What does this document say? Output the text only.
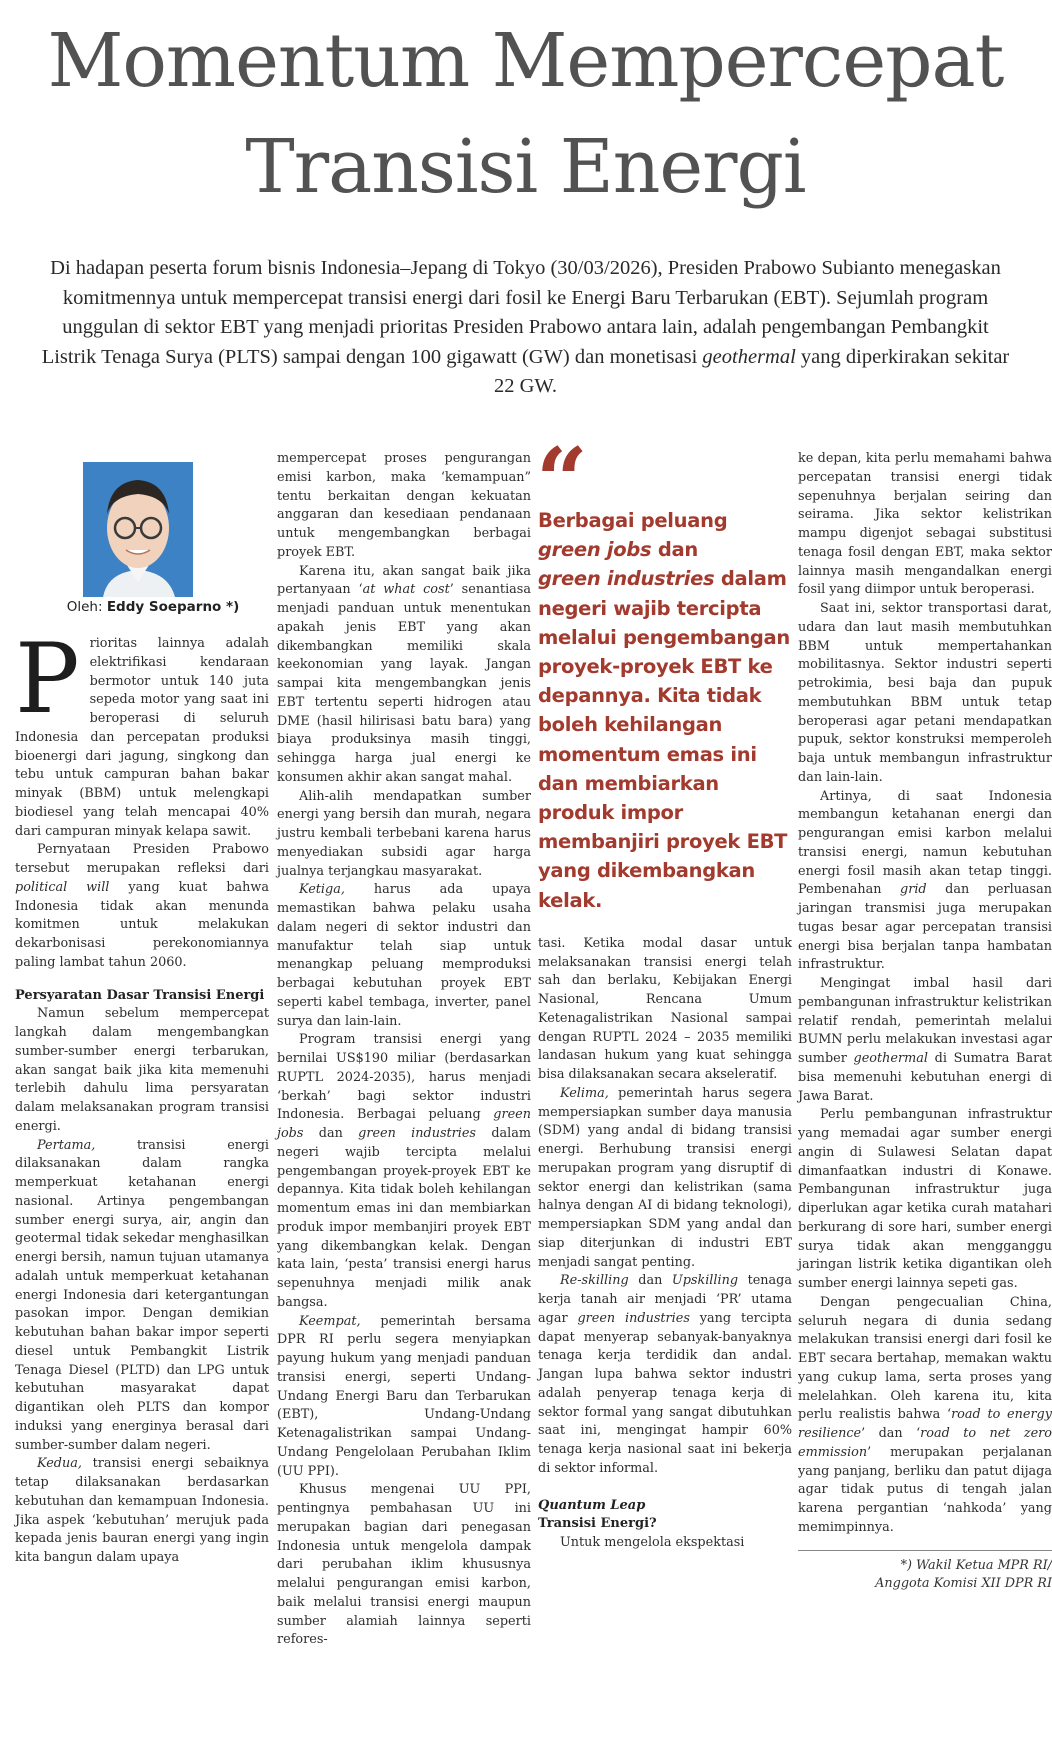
Momentum Mempercepat
Transisi Energi

Di hadapan peserta forum bisnis Indonesia–Jepang di Tokyo (30/03/2026), Presiden Prabowo Subianto menegaskan komitmennya untuk mempercepat transisi energi dari fosil ke Energi Baru Terbarukan (EBT). Sejumlah program unggulan di sektor EBT yang menjadi prioritas Presiden Prabowo antara lain, adalah pengembangan Pembangkit Listrik Tenaga Surya (PLTS) sampai dengan 100 gigawatt (GW) dan monetisasi geothermal yang diperkirakan sekitar 22 GW.

Oleh: Eddy Soeparno *)

P rioritas lainnya adalah elektrifikasi kendaraan bermotor untuk 140 juta sepeda motor yang saat ini beroperasi di seluruh Indonesia dan percepatan produksi bioenergi dari jagung, singkong dan tebu untuk campuran bahan bakar minyak (BBM) untuk melengkapi biodiesel yang telah mencapai 40% dari campuran minyak kelapa sawit.

Pernyataan Presiden Prabowo tersebut merupakan refleksi dari political will yang kuat bahwa Indonesia tidak akan menunda komitmen untuk melakukan dekarbonisasi perekonomiannya paling lambat tahun 2060.

Persyaratan Dasar Transisi Energi

Namun sebelum mempercepat langkah dalam mengembangkan sumber-sumber energi terbarukan, akan sangat baik jika kita memenuhi terlebih dahulu lima persyaratan dalam melaksanakan program transisi energi.

Pertama, transisi energi dilaksanakan dalam rangka memperkuat ketahanan energi nasional. Artinya pengembangan sumber energi surya, air, angin dan geotermal tidak sekedar menghasilkan energi bersih, namun tujuan utamanya adalah untuk memperkuat ketahanan energi Indonesia dari ketergantungan pasokan impor. Dengan demikian kebutuhan bahan bakar impor seperti diesel untuk Pembangkit Listrik Tenaga Diesel (PLTD) dan LPG untuk kebutuhan masyarakat dapat digantikan oleh PLTS dan kompor induksi yang energinya berasal dari sumber-sumber dalam negeri.

Kedua, transisi energi sebaiknya tetap dilaksanakan berdasarkan kebutuhan dan kemampuan Indonesia. Jika aspek ‘kebutuhan’ merujuk pada kepada jenis bauran energi yang ingin kita bangun dalam upaya

mempercepat proses pengurangan emisi karbon, maka ‘kemampuan” tentu berkaitan dengan kekuatan anggaran dan kesediaan pendanaan untuk mengembangkan berbagai proyek EBT.

Karena itu, akan sangat baik jika pertanyaan ‘at what cost’ senantiasa menjadi panduan untuk menentukan apakah jenis EBT yang akan dikembangkan memiliki skala keekonomian yang layak. Jangan sampai kita mengembangkan jenis EBT tertentu seperti hidrogen atau DME (hasil hilirisasi batu bara) yang biaya produksinya masih tinggi, sehingga harga jual energi ke konsumen akhir akan sangat mahal.

Alih-alih mendapatkan sumber energi yang bersih dan murah, negara justru kembali terbebani karena harus menyediakan subsidi agar harga jualnya terjangkau masyarakat.

Ketiga, harus ada upaya memastikan bahwa pelaku usaha dalam negeri di sektor industri dan manufaktur telah siap untuk menangkap peluang memproduksi berbagai kebutuhan proyek EBT seperti kabel tembaga, inverter, panel surya dan lain-lain.

Program transisi energi yang bernilai US$190 miliar (berdasarkan RUPTL 2024-2035), harus menjadi ‘berkah’ bagi sektor industri Indonesia. Berbagai peluang green jobs dan green industries dalam negeri wajib tercipta melalui pengembangan proyek-proyek EBT ke depannya. Kita tidak boleh kehilangan momentum emas ini dan membiarkan produk impor membanjiri proyek EBT yang dikembangkan kelak. Dengan kata lain, ‘pesta’ transisi energi harus sepenuhnya menjadi milik anak bangsa.

Keempat, pemerintah bersama DPR RI perlu segera menyiapkan payung hukum yang menjadi panduan transisi energi, seperti Undang-Undang Energi Baru dan Terbarukan (EBT), Undang-Undang Ketenagalistrikan sampai Undang-Undang Pengelolaan Perubahan Iklim (UU PPI).

Khusus mengenai UU PPI, pentingnya pembahasan UU ini merupakan bagian dari penegasan Indonesia untuk mengelola dampak dari perubahan iklim khususnya melalui pengurangan emisi karbon, baik melalui transisi energi maupun sumber alamiah lainnya seperti refores-

“
Berbagai peluang
green jobs dan
green industries dalam negeri wajib tercipta melalui pengembangan proyek-proyek EBT ke depannya. Kita tidak boleh kehilangan momentum emas ini dan membiarkan produk impor membanjiri proyek EBT yang dikembangkan kelak.

tasi. Ketika modal dasar untuk melaksanakan transisi energi telah sah dan berlaku, Kebijakan Energi Nasional, Rencana Umum Ketenagalistrikan Nasional sampai dengan RUPTL 2024 – 2035 memiliki landasan hukum yang kuat sehingga bisa dilaksanakan secara akseleratif.

Kelima, pemerintah harus segera mempersiapkan sumber daya manusia (SDM) yang andal di bidang transisi energi. Berhubung transisi energi merupakan program yang disruptif di sektor energi dan kelistrikan (sama halnya dengan AI di bidang teknologi), mempersiapkan SDM yang andal dan siap diterjunkan di industri EBT menjadi sangat penting.

Re-skilling dan Upskilling tenaga kerja tanah air menjadi ‘PR’ utama agar green industries yang tercipta dapat menyerap sebanyak-banyaknya tenaga kerja terdidik dan andal. Jangan lupa bahwa sektor industri adalah penyerap tenaga kerja di sektor formal yang sangat dibutuhkan saat ini, mengingat hampir 60% tenaga kerja nasional saat ini bekerja di sektor informal.

Quantum Leap
Transisi Energi?

Untuk mengelola ekspektasi

ke depan, kita perlu memahami bahwa percepatan transisi energi tidak sepenuhnya berjalan seiring dan seirama. Jika sektor kelistrikan mampu digenjot sebagai substitusi tenaga fosil dengan EBT, maka sektor lainnya masih mengandalkan energi fosil yang diimpor untuk beroperasi.

Saat ini, sektor transportasi darat, udara dan laut masih membutuhkan BBM untuk mempertahankan mobilitasnya. Sektor industri seperti petrokimia, besi baja dan pupuk membutuhkan BBM untuk tetap beroperasi agar petani mendapatkan pupuk, sektor konstruksi memperoleh baja untuk membangun infrastruktur dan lain-lain.

Artinya, di saat Indonesia membangun ketahanan energi dan pengurangan emisi karbon melalui transisi energi, namun kebutuhan energi fosil masih akan tetap tinggi. Pembenahan grid dan perluasan jaringan transmisi juga merupakan tugas besar agar percepatan transisi energi bisa berjalan tanpa hambatan infrastruktur.

Mengingat imbal hasil dari pembangunan infrastruktur kelistrikan relatif rendah, pemerintah melalui BUMN perlu melakukan investasi agar sumber geothermal di Sumatra Barat bisa memenuhi kebutuhan energi di Jawa Barat.

Perlu pembangunan infrastruktur yang memadai agar sumber energi angin di Sulawesi Selatan dapat dimanfaatkan industri di Konawe. Pembangunan infrastruktur juga diperlukan agar ketika curah matahari berkurang di sore hari, sumber energi surya tidak akan mengganggu jaringan listrik ketika digantikan oleh sumber energi lainnya sepeti gas.

Dengan pengecualian China, seluruh negara di dunia sedang melakukan transisi energi dari fosil ke EBT secara bertahap, memakan waktu yang cukup lama, serta proses yang melelahkan. Oleh karena itu, kita perlu realistis bahwa ‘road to energy resilience’ dan ‘road to net zero emmission’ merupakan perjalanan yang panjang, berliku dan patut dijaga agar tidak putus di tengah jalan karena pergantian ‘nahkoda’ yang memimpinnya.

*) Wakil Ketua MPR RI/
Anggota Komisi XII DPR RI
